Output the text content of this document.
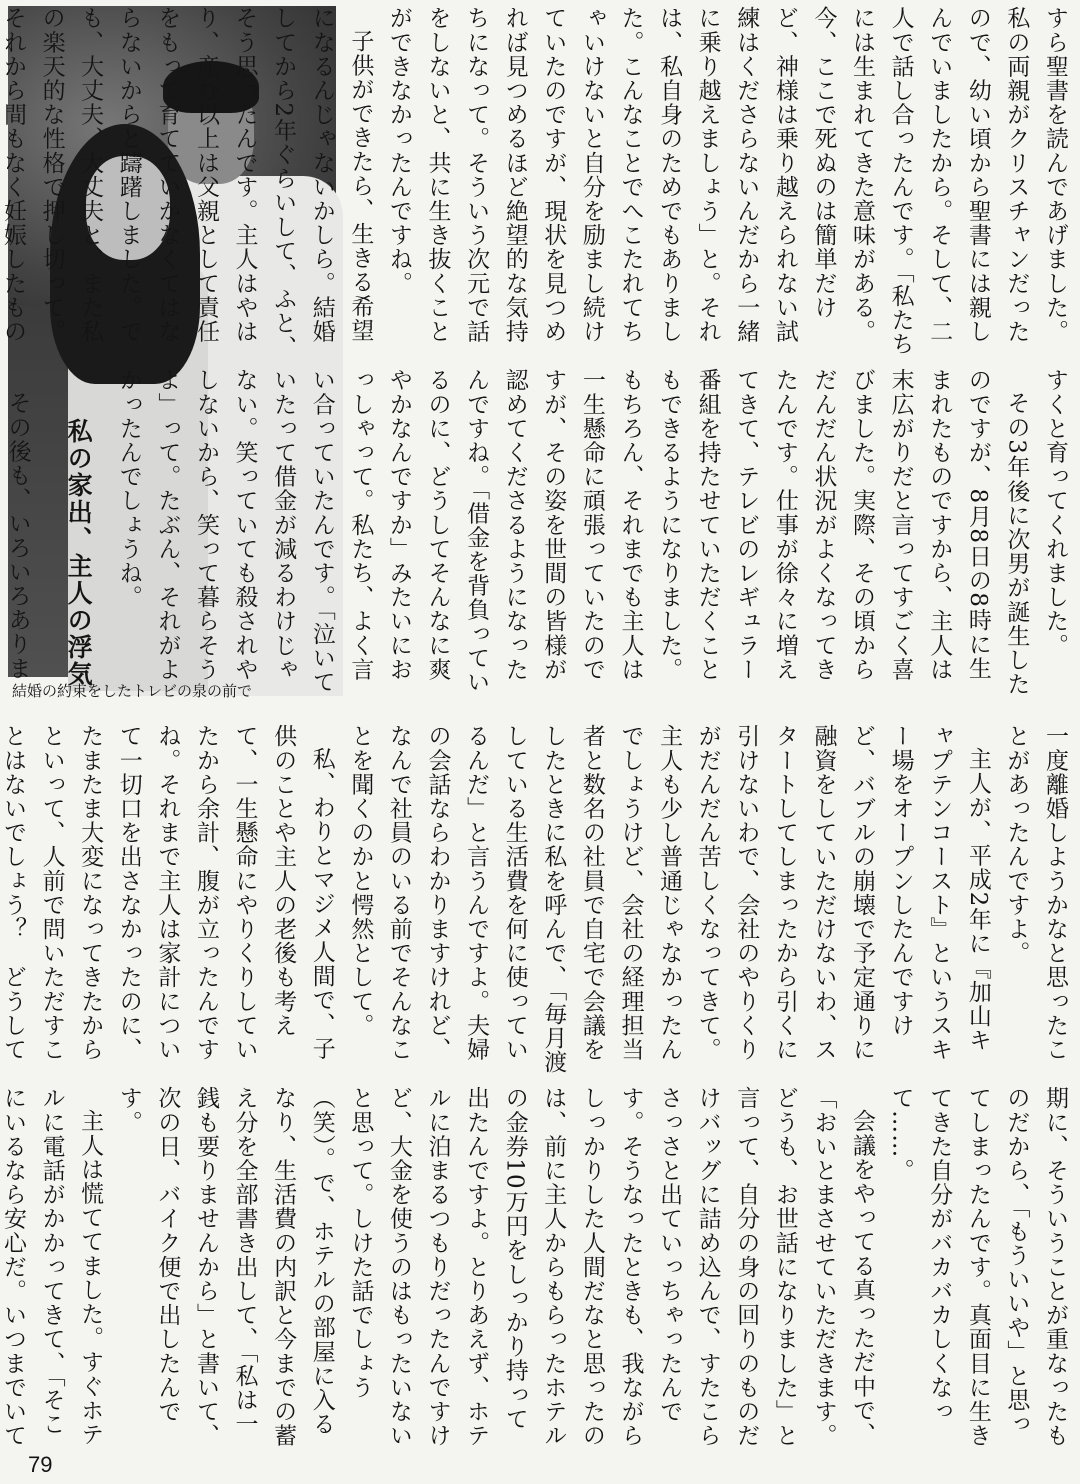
結婚の約束をしたトレビの泉の前で

すら聖書を読んであげました。私の両親がクリスチャンだったので、幼い頃から聖書には親しんでいましたから。そして、二人で話し合ったんです。「私たちには生まれてきた意味がある。今、ここで死ぬのは簡単だけど、神様は乗り越えられない試練はくださらないんだから一緒に乗り越えましょう」と。それは、私自身のためでもありました。こんなことでへこたれてちゃいけないと自分を励まし続けていたのですが、現状を見つめれば見つめるほど絶望的な気持ちになって。そういう次元で話をしないと、共に生き抜くことができなかったんですね。

子供ができたら、生きる希望になるんじゃないかしら。結婚してから2年ぐらいして、ふと、そう思ったんです。主人はやはり、産む以上は父親として責任をもって育てていかなくてはならないからと躊躇しました。でも、大丈夫、大丈夫と、また私の楽天的な性格で押し切って。それから間もなく妊娠したもの

すくと育ってくれました。

その3年後に次男が誕生したのですが、8月8日の8時に生まれたものですから、主人は末広がりだと言ってすごく喜びました。実際、その頃からだんだん状況がよくなってきたんです。仕事が徐々に増えてきて、テレビのレギュラー番組を持たせていただくこともできるようになりました。もちろん、それまでも主人は一生懸命に頑張っていたのですが、その姿を世間の皆様が認めてくださるようになったんですね。「借金を背負っているのに、どうしてそんなに爽やかなんですか」みたいにおっしゃって。私たち、よく言い合っていたんです。「泣いていたって借金が減るわけじゃない。笑っていても殺されやしないから、笑って暮らそうよ」って。たぶん、それがよかったんでしょうね。

私の家出、主人の浮気

その後も、いろいろありま

一度離婚しようかなと思ったことがあったんですよ。

主人が、平成2年に『加山キャプテンコースト』というスキー場をオープンしたんですけど、バブルの崩壊で予定通りに融資をしていただけないわ、スタートしてしまったから引くに引けないわで、会社のやりくりがだんだん苦しくなってきて。主人も少し普通じゃなかったんでしょうけど、会社の経理担当者と数名の社員で自宅で会議をしたときに私を呼んで、「毎月渡している生活費を何に使っているんだ」と言うんですよ。夫婦の会話ならわかりますけれど、なんで社員のいる前でそんなことを聞くのかと愕然として。

私、わりとマジメ人間で、子供のことや主人の老後も考えて、一生懸命にやりくりしていたから余計、腹が立ったんですね。それまで主人は家計について一切口を出さなかったのに、たまたま大変になってきたからといって、人前で問いただすことはないでしょう？　どうして

期に、そういうことが重なったものだから、「もういいや」と思ってしまったんです。真面目に生きてきた自分がバカバカしくなって……。

会議をやってる真っただ中で、「おいとまさせていただきます。どうも、お世話になりました」と言って、自分の身の回りのものだけバッグに詰め込んで、すたこらさっさと出ていっちゃったんです。そうなったときも、我ながらしっかりした人間だなと思ったのは、前に主人からもらったホテルの金券10万円をしっかり持って出たんですよ。とりあえず、ホテルに泊まるつもりだったんですけど、大金を使うのはもったいないと思って。しけた話でしょう（笑）。で、ホテルの部屋に入るなり、生活費の内訳と今までの蓄え分を全部書き出して、「私は一銭も要りませんから」と書いて、次の日、バイク便で出したんです。

主人は慌ててました。すぐホテルに電話がかかってきて、「そこにいるなら安心だ。いつまでいて

79
